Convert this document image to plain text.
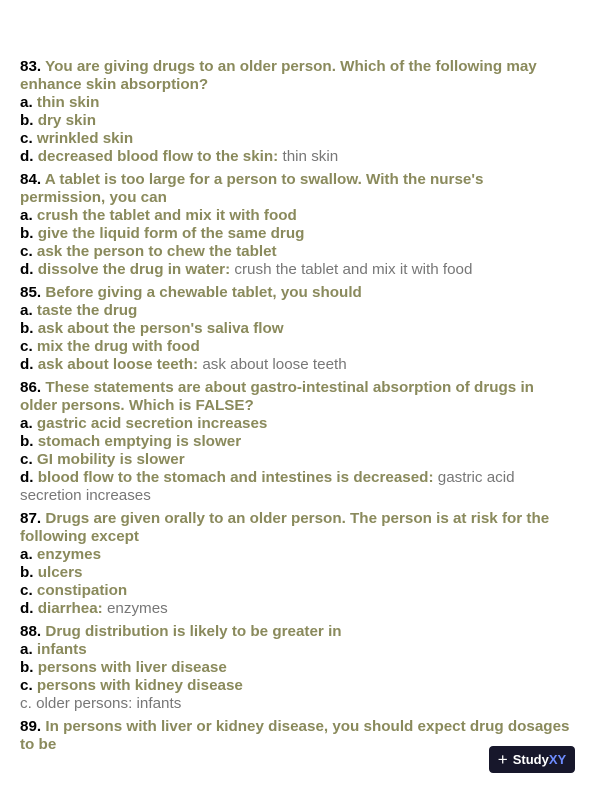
83. You are giving drugs to an older person. Which of the following may enhance skin absorption?
a. thin skin
b. dry skin
c. wrinkled skin
d. decreased blood flow to the skin: thin skin
84. A tablet is too large for a person to swallow. With the nurse's permission, you can
a. crush the tablet and mix it with food
b. give the liquid form of the same drug
c. ask the person to chew the tablet
d. dissolve the drug in water: crush the tablet and mix it with food
85. Before giving a chewable tablet, you should
a. taste the drug
b. ask about the person's saliva flow
c. mix the drug with food
d. ask about loose teeth: ask about loose teeth
86. These statements are about gastro-intestinal absorption of drugs in older persons. Which is FALSE?
a. gastric acid secretion increases
b. stomach emptying is slower
c. GI mobility is slower
d. blood flow to the stomach and intestines is decreased: gastric acid secretion increases
87. Drugs are given orally to an older person. The person is at risk for the following except
a. enzymes
b. ulcers
c. constipation
d. diarrhea: enzymes
88. Drug distribution is likely to be greater in
a. infants
b. persons with liver disease
c. persons with kidney disease
c. older persons: infants
89. In persons with liver or kidney disease, you should expect drug dosages to be
+ StudyXY
